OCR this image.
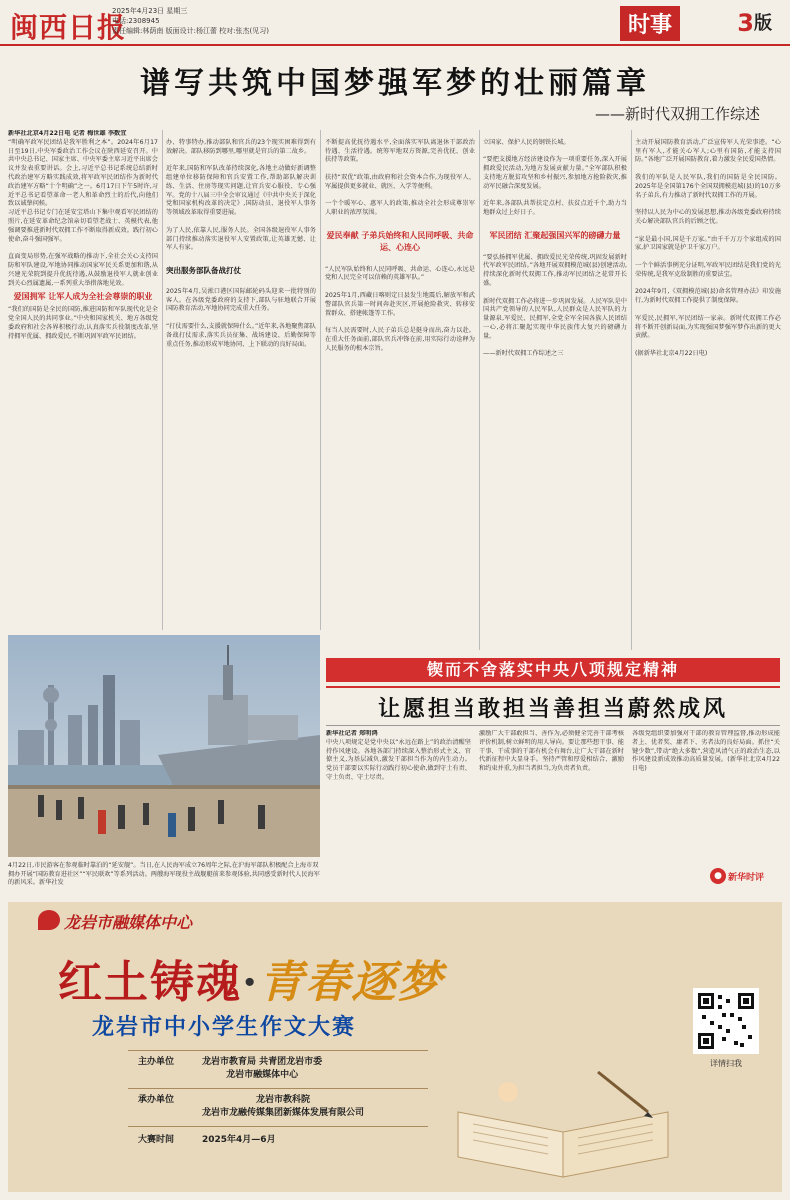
闽西日报
2025年4月23日 星期三
电话:2308945
责任编辑:林荫南 版面设计:杨江蕾 校对:张杰(见习)	时事	3版
谱写共筑中国梦强军梦的壮丽篇章
——新时代双拥工作综述
新华社北京4月22日电 记者 梅世雄 李数宜
“明确军政军民团结是我军胜利之本”。2024年6月17日至19日,中央军委政治工作会议在陕西延安召开。中共中央总书记、国家主席、中央军委主席习近平出席会议并发表重要讲话。会上,习近平总书记系统总结新时代政治建军方略实践成效,将军政军民团结作为新时代政治建军方略“十个明确”之一。6月17日下午5时许,习近平总书记看望革命一老人和革命烈士的后代,向他们致以诚挚问候。
习近平总书记专门在延安宝塔山下集中观看军民团结的照片,在延安革命纪念馆亲切看望老战士、英模代表,他强调要推进新时代双拥工作不断取得新成效。践行初心使命,奋斗强国强军。

直面变局形势,在强军战略的推动下,全社会关心支持国防和军队建设,军地协同推动国家军民关系更加和谐,从兴建光荣院到提升优抚待遇,从鼓励退役军人就业创业到关心烈属遗属,一系列重大举措落地见效。
爱国拥军 让军人成为全社会尊崇的职业
“我们的国防是全民的国防,推进国防和军队现代化是全党全国人民的共同事业。”中央和国家机关、地方各级党委政府和社会各界积极行动,认真落实兵役制度改革,坚持拥军优属、拥政爱民,不断巩固军政军民团结。

办、特事特办,推动部队和官兵的23个现实困难得到有效解决。部队移防到哪里,哪里就是官兵的第二故乡。

近年来,国防和军队改革持续深化,各地主动做好新调整组建单位移防保障和官兵安置工作,帮助部队解决训练、生活、住房等现实问题,让官兵安心服役、专心强军。党的十八届三中全会审议通过《中共中央关于深化党和国家机构改革的决定》,国防动员、退役军人事务等领域改革取得重要进展。

为了人民,依靠人民,服务人民。全国各级退役军人事务部门持续推动落实退役军人安置政策,让英雄无憾、让军人有家。

突出服务部队备战打仗

2025年4月,吴淞口港区国际邮轮码头迎来一批特别的客人。在各级党委政府的支持下,部队与驻地联合开展国防教育活动,军地协同完成重大任务。

“打仗需要什么,支援就保障什么。”近年来,各地聚焦部队备战打仗需求,落实兵员征集、战场建设、后勤保障等重点任务,推动形成军地协同、上下联动的良好局面。

不断提高优抚待遇水平,全面落实军队离退休干部政治待遇、生活待遇。统筹军地双方资源,完善优抚、创业扶持等政策。

扶持“双优”政策,由政府和社会资本合作,为现役军人、军属提供更多就业、就医、入学等便利。

一个个暖军心、惠军人的政策,推动全社会形成尊崇军人职业的浓厚氛围。

爱民奉献 子弟兵始终和人民同呼吸、共命运、心连心

“人民军队始终和人民同呼吸、共命运、心连心,永远是党和人民完全可以信赖的英雄军队。”

2025年1月,西藏日喀则定日县发生地震后,解放军和武警部队官兵第一时间奔赴灾区,开展抢险救灾、转移安置群众、搭建帐篷等工作。

每当人民需要时,人民子弟兵总是挺身而出,奋力以赴。在重大任务面前,部队官兵冲锋在前,用实际行动诠释为人民服务的根本宗旨。

立国家、保护人民的钢铁长城。

“要把支援地方经济建设作为一项重要任务,深入开展拥政爱民活动,为地方发展贡献力量。”全军部队积极支持地方脱贫攻坚和乡村振兴,参加地方抢险救灾,推动军民融合深度发展。

近年来,各部队共帮扶定点村、扶贫点近千个,助力当地群众过上好日子。

军民团结 汇聚起强国兴军的磅礴力量

“要弘扬拥军优属、拥政爱民光荣传统,巩固发展新时代军政军民团结。”各地开展双拥模范城(县)创建活动,持续深化新时代双拥工作,推动军民团结之花常开长盛。

新时代双拥工作必将进一步巩固发展。人民军队是中国共产党领导的人民军队,人民群众是人民军队的力量源泉,军爱民、民拥军,全党全军全国各族人民团结一心,必将汇聚起实现中华民族伟大复兴的磅礴力量。

——新时代双拥工作综述之三

主动开展国防教育活动,广泛宣传军人光荣事迹。“心里有军人,才能关心军人;心里有国防,才能支持国防。”各地广泛开展国防教育,着力激发全民爱国热情。

我们的军队是人民军队,我们的国防是全民国防。2025年是全国第176个全国双拥模范城(县)的10万多名子弟兵,有力推动了新时代双拥工作的开展。

坚持以人民为中心的发展思想,推动各级党委政府持续关心解决部队官兵的后顾之忧。

“家是最小国,国是千万家。”由千千万万个家组成的国家,护卫国家就是护卫千家万户。

一个个鲜活事例充分证明,军政军民团结是我们党的光荣传统,是我军克敌制胜的重要法宝。

2024年9月,《双拥模范城(县)命名管理办法》印发施行,为新时代双拥工作提供了制度保障。

军爱民,民拥军,军民团结一家亲。新时代双拥工作必将不断开创新局面,为实现强国梦强军梦作出新的更大贡献。

(据新华社北京4月22日电)

4月22日,市民游客在参观临时靠泊的“延安舰”。当日,在人民海军成立76周年之际,在沪海军部队积极配合上海市双拥办开展“国防教育进社区”“军民联欢”等系列活动。两艘海军现役主战舰艇前来参观体验,共同感受新时代人民海军的新风采。新华社发
锲而不舍落实中央八项规定精神
让愿担当敢担当善担当蔚然成风
新华社记者 郑明鸿
中央八项规定是党中央以“永远在路上”的政治清醒坚持作风建设。各地各部门持续深入整治形式主义、官僚主义,为基层减负,激发干部担当作为的内生动力。党员干部要以实际行动践行初心使命,做到守土有责、守土负责、守土尽责。
激励广大干部敢担当、善作为,必须健全完善干部考核评价机制,树立鲜明的用人导向。要让那些想干事、能干事、干成事的干部有机会有舞台,让广大干部在新时代新征程中大显身手。坚持严管和厚爱相结合、激励和约束并重,为担当者担当,为负责者负责。
各级党组织要加强对干部的教育管理监督,推动形成能者上、优者奖、庸者下、劣者汰的良好局面。抓住“关键少数”,带动“绝大多数”,营造风清气正的政治生态,以作风建设新成效推动高质量发展。(新华社北京4月22日电)
● 新华时评
龙岩市融媒体中心
红土铸魂·青春逐梦
龙岩市中小学生作文大赛
主办单位	龙岩市教育局 共青团龙岩市委
龙岩市融媒体中心
承办单位	龙岩市教科院
龙岩市龙融传媒集团新媒体发展有限公司
大赛时间	2025年4月—6月
详情扫我
